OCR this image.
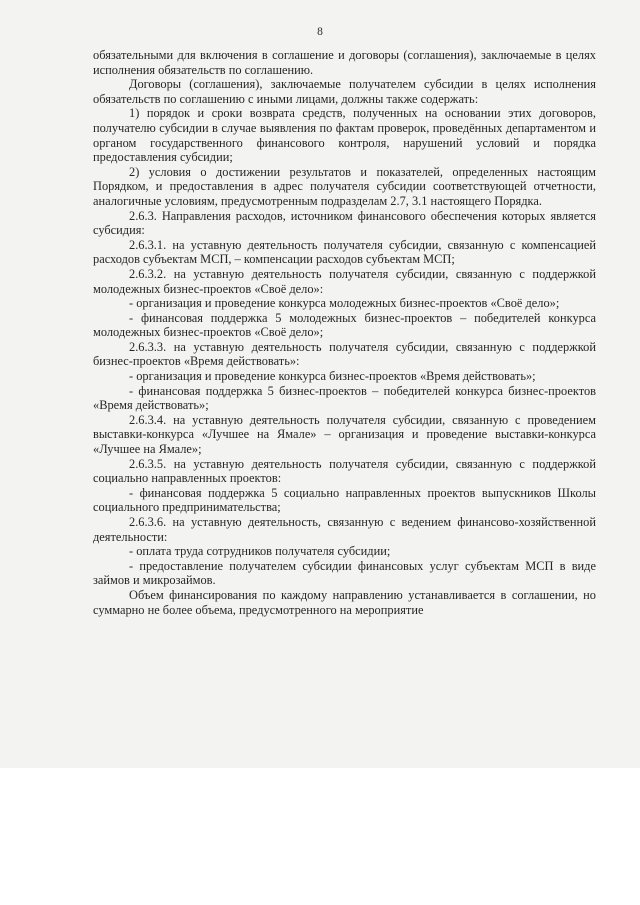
8

обязательными для включения в соглашение и договоры (соглашения), заключаемые в целях исполнения обязательств по соглашению.

Договоры (соглашения), заключаемые получателем субсидии в целях исполнения обязательств по соглашению с иными лицами, должны также содержать:

1) порядок и сроки возврата средств, полученных на основании этих договоров, получателю субсидии в случае выявления по фактам проверок, проведённых департаментом и органом государственного финансового контроля, нарушений условий и порядка предоставления субсидии;

2) условия о достижении результатов и показателей, определенных настоящим Порядком, и предоставления в адрес получателя субсидии соответствующей отчетности, аналогичные условиям, предусмотренным подразделам 2.7, 3.1 настоящего Порядка.

2.6.3. Направления расходов, источником финансового обеспечения которых является субсидия:

2.6.3.1. на уставную деятельность получателя субсидии, связанную с компенсацией расходов субъектам МСП, – компенсации расходов субъектам МСП;

2.6.3.2. на уставную деятельность получателя субсидии, связанную с поддержкой молодежных бизнес-проектов «Своё дело»:

- организация и проведение конкурса молодежных бизнес-проектов «Своё дело»;

- финансовая поддержка 5 молодежных бизнес-проектов – победителей конкурса молодежных бизнес-проектов «Своё дело»;

2.6.3.3. на уставную деятельность получателя субсидии, связанную с поддержкой бизнес-проектов «Время действовать»:

- организация и проведение конкурса бизнес-проектов «Время действовать»;

- финансовая поддержка 5 бизнес-проектов – победителей конкурса бизнес-проектов «Время действовать»;

2.6.3.4. на уставную деятельность получателя субсидии, связанную с проведением выставки-конкурса «Лучшее на Ямале» – организация и проведение выставки-конкурса «Лучшее на Ямале»;

2.6.3.5. на уставную деятельность получателя субсидии, связанную с поддержкой социально направленных проектов:

- финансовая поддержка 5 социально направленных проектов выпускников Школы социального предпринимательства;

2.6.3.6. на уставную деятельность, связанную с ведением финансово-хозяйственной деятельности:

- оплата труда сотрудников получателя субсидии;

- предоставление получателем субсидии финансовых услуг субъектам МСП в виде займов и микрозаймов.

Объем финансирования по каждому направлению устанавливается в соглашении, но суммарно не более объема, предусмотренного на мероприятие
